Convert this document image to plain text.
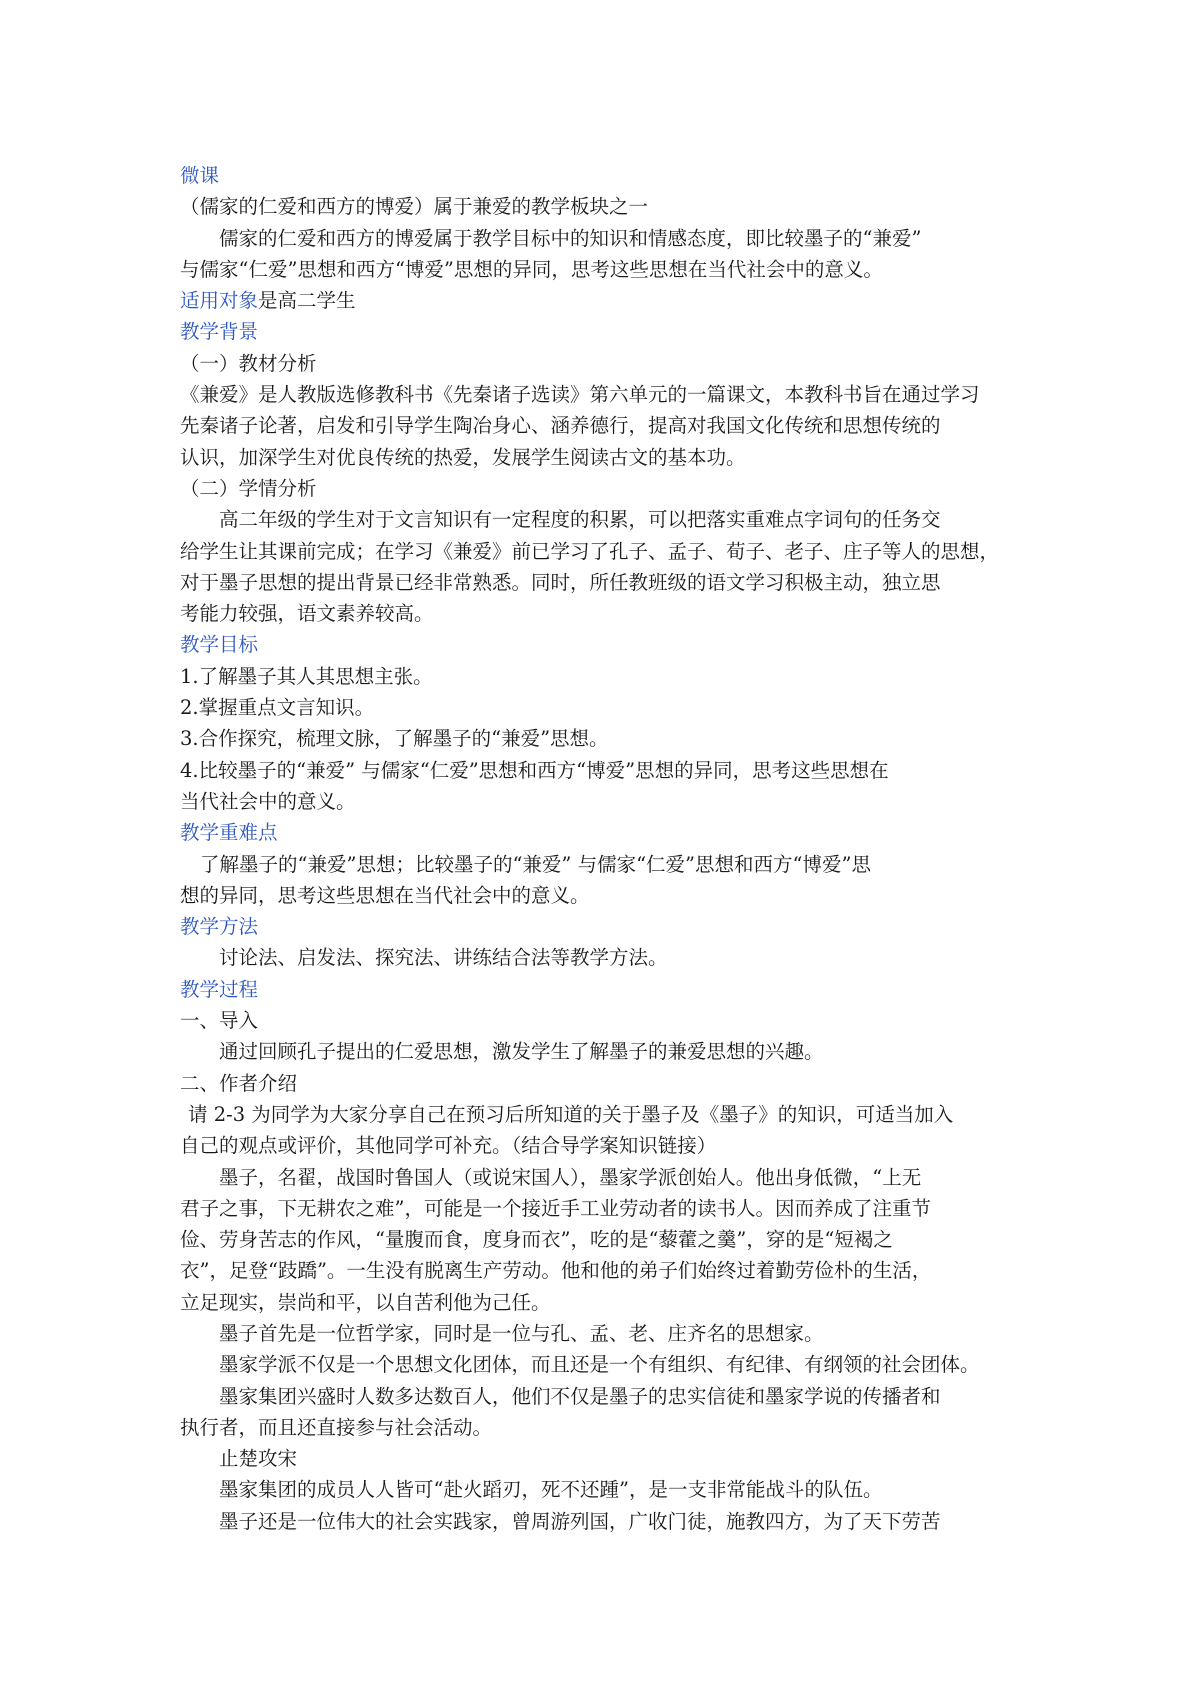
微课
（儒家的仁爱和西方的博爱）属于兼爱的教学板块之一
儒家的仁爱和西方的博爱属于教学目标中的知识和情感态度，即比较墨子的“兼爱”
与儒家“仁爱”思想和西方“博爱”思想的异同，思考这些思想在当代社会中的意义。
适用对象是高二学生
教学背景
（一）教材分析
《兼爱》是人教版选修教科书《先秦诸子选读》第六单元的一篇课文，本教科书旨在通过学习
先秦诸子论著，启发和引导学生陶冶身心、涵养德行，提高对我国文化传统和思想传统的
认识，加深学生对优良传统的热爱，发展学生阅读古文的基本功。
（二）学情分析
高二年级的学生对于文言知识有一定程度的积累，可以把落实重难点字词句的任务交
给学生让其课前完成；在学习《兼爱》前已学习了孔子、孟子、荀子、老子、庄子等人的思想，
对于墨子思想的提出背景已经非常熟悉。同时，所任教班级的语文学习积极主动，独立思
考能力较强，语文素养较高。
教学目标
1.了解墨子其人其思想主张。
2.掌握重点文言知识。
3.合作探究，梳理文脉，了解墨子的“兼爱”思想。
4.比较墨子的“兼爱” 与儒家“仁爱”思想和西方“博爱”思想的异同，思考这些思想在
当代社会中的意义。
教学重难点
了解墨子的“兼爱”思想；比较墨子的“兼爱” 与儒家“仁爱”思想和西方“博爱”思
想的异同，思考这些思想在当代社会中的意义。
教学方法
讨论法、启发法、探究法、讲练结合法等教学方法。
教学过程
一、导入
通过回顾孔子提出的仁爱思想，激发学生了解墨子的兼爱思想的兴趣。
二、作者介绍
请 2-3 为同学为大家分享自己在预习后所知道的关于墨子及《墨子》的知识，可适当加入
自己的观点或评价，其他同学可补充。（结合导学案知识链接）
墨子，名翟，战国时鲁国人（或说宋国人），墨家学派创始人。他出身低微，“上无
君子之事，下无耕农之难”，可能是一个接近手工业劳动者的读书人。因而养成了注重节
俭、劳身苦志的作风，“量腹而食，度身而衣”，吃的是“藜藿之羹”，穿的是“短褐之
衣”，足登“跂蹻”。一生没有脱离生产劳动。他和他的弟子们始终过着勤劳俭朴的生活，
立足现实，崇尚和平，以自苦利他为己任。
墨子首先是一位哲学家，同时是一位与孔、孟、老、庄齐名的思想家。
墨家学派不仅是一个思想文化团体，而且还是一个有组织、有纪律、有纲领的社会团体。
墨家集团兴盛时人数多达数百人，他们不仅是墨子的忠实信徒和墨家学说的传播者和
执行者，而且还直接参与社会活动。
止楚攻宋
墨家集团的成员人人皆可“赴火蹈刃，死不还踵”，是一支非常能战斗的队伍。
墨子还是一位伟大的社会实践家，曾周游列国，广收门徒，施教四方，为了天下劳苦
